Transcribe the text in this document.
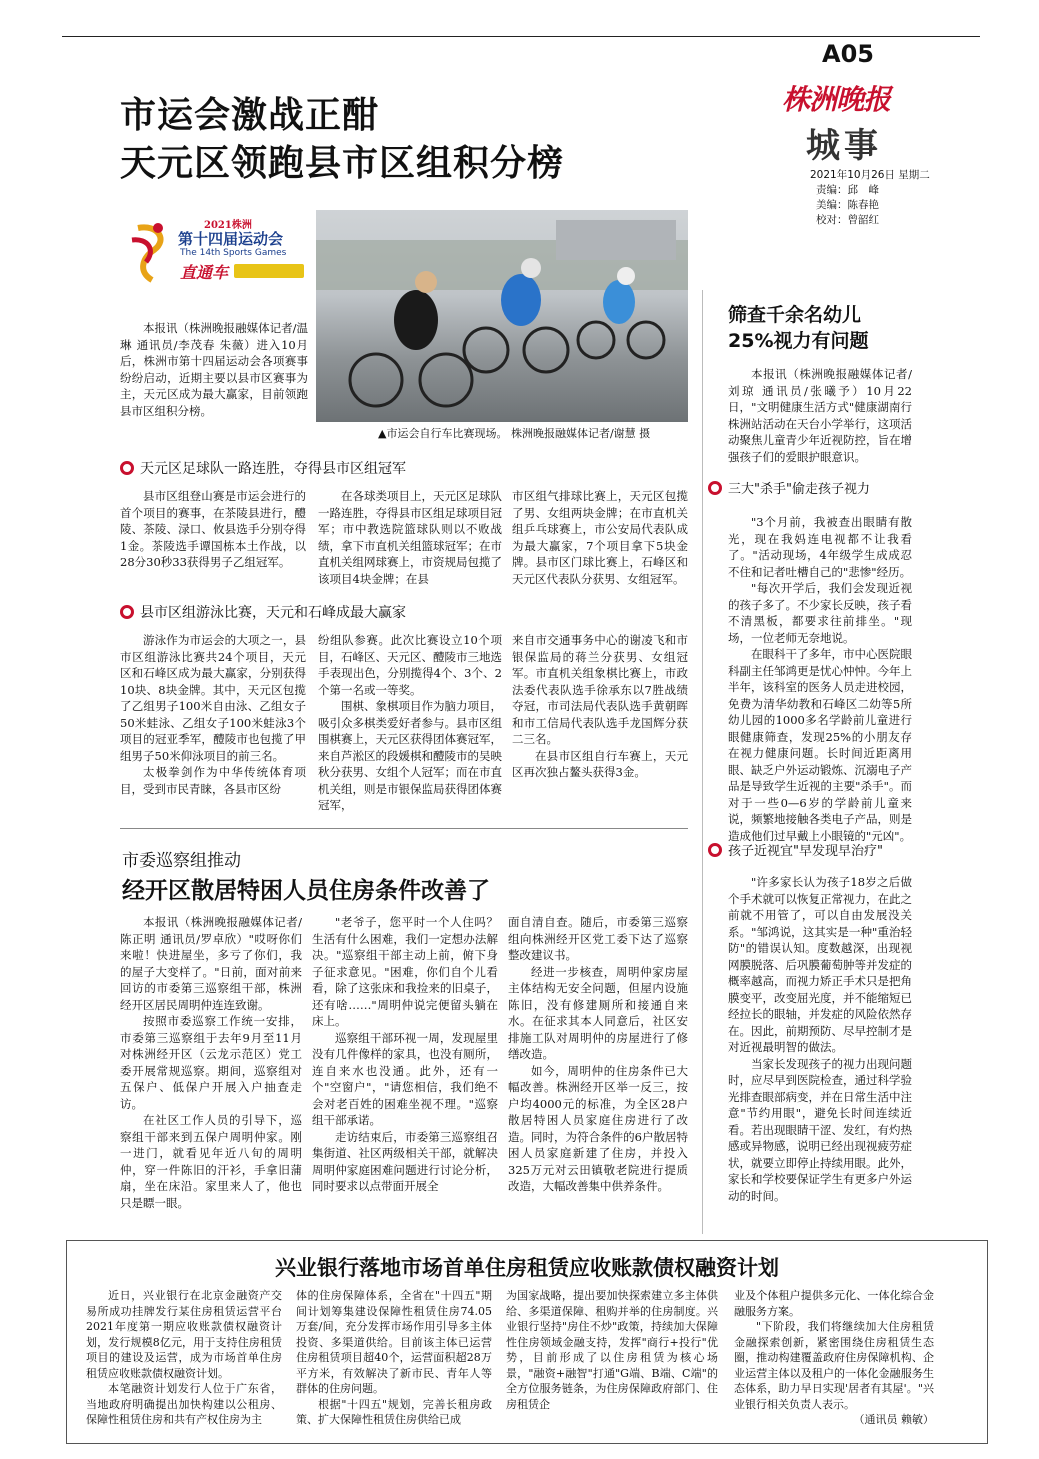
A05
株洲晚报
城事
2021年10月26日 星期二
责编：邱　峰
美编：陈春艳
校对：曾韶红
市运会激战正酣
天元区领跑县市区组积分榜
2021株洲
第十四届运动会
The 14th Sports Games
直通车
▲市运会自行车比赛现场。 株洲晚报融媒体记者/谢慧 摄

本报讯（株洲晚报融媒体记者/温琳 通讯员/李茂春 朱薇）进入10月后，株洲市第十四届运动会各项赛事纷纷启动，近期主要以县市区赛事为主，天元区成为最大赢家，目前领跑县市区组积分榜。

天元区足球队一路连胜，夺得县市区组冠军

县市区组登山赛是市运会进行的首个项目的赛事，在茶陵县进行，醴陵、茶陵、渌口、攸县选手分别夺得1金。茶陵选手谭国栋本土作战，以28分30秒33获得男子乙组冠军。

在各球类项目上，天元区足球队一路连胜，夺得县市区组足球项目冠军；市中教选院篮球队则以不败战绩，拿下市直机关组篮球冠军；在市直机关组网球赛上，市资规局包揽了该项目4块金牌；在县

市区组气排球比赛上，天元区包揽了男、女组两块金牌；在市直机关组乒乓球赛上，市公安局代表队成为最大赢家，7个项目拿下5块金牌。县市区门球比赛上，石峰区和天元区代表队分获男、女组冠军。

县市区组游泳比赛，天元和石峰成最大赢家

游泳作为市运会的大项之一，县市区组游泳比赛共24个项目，天元区和石峰区成为最大赢家，分别获得10块、8块金牌。其中，天元区包揽了乙组男子100米自由泳、乙组女子50米蛙泳、乙组女子100米蛙泳3个项目的冠亚季军，醴陵市也包揽了甲组男子50米仰泳项目的前三名。

太极拳剑作为中华传统体育项目，受到市民青睐，各县市区纷

纷组队参赛。此次比赛设立10个项目，石峰区、天元区、醴陵市三地选手表现出色，分别揽得4个、3个、2个第一名或一等奖。

围棋、象棋项目作为脑力项目，吸引众多棋类爱好者参与。县市区组围棋赛上，天元区获得团体赛冠军，来自芦淞区的段媛棋和醴陵市的吴映秋分获男、女组个人冠军；而在市直机关组，则是市银保监局获得团体赛冠军，

来自市交通事务中心的谢凌飞和市银保监局的蒋兰分获男、女组冠军。市直机关组象棋比赛上，市政法委代表队选手徐承东以7胜战绩夺冠，市司法局代表队选手黄朝晖和市工信局代表队选手龙国辉分获二三名。

在县市区组自行车赛上，天元区再次独占鳌头获得3金。

筛查千余名幼儿
25%视力有问题

本报讯（株洲晚报融媒体记者/刘琼 通讯员/张曦予）10月22日，"文明健康生活方式"健康湖南行株洲站活动在天台小学举行，这项活动聚焦儿童青少年近视防控，旨在增强孩子们的爱眼护眼意识。

三大"杀手"偷走孩子视力

"3个月前，我被查出眼睛有散光，现在我妈连电视都不让我看了。"活动现场，4年级学生成成忍不住和记者吐槽自己的"悲惨"经历。

"每次开学后，我们会发现近视的孩子多了。不少家长反映，孩子看不清黑板，都要求往前排坐。"现场，一位老师无奈地说。

在眼科干了多年，市中心医院眼科副主任邹鸿更是忧心忡忡。今年上半年，该科室的医务人员走进校园，免费为清华幼教和石峰区二幼等5所幼儿园的1000多名学龄前儿童进行眼健康筛查，发现25%的小朋友存在视力健康问题。长时间近距离用眼、缺乏户外运动锻炼、沉溺电子产品是导致学生近视的主要"杀手"。而对于一些0—6岁的学龄前儿童来说，频繁地接触各类电子产品，则是造成他们过早戴上小眼镜的"元凶"。

孩子近视宜"早发现早治疗"

"许多家长认为孩子18岁之后做个手术就可以恢复正常视力，在此之前就不用管了，可以自由发展没关系。"邹鸿说，这其实是一种"重治轻防"的错误认知。度数越深，出现视网膜脱落、后巩膜葡萄肿等并发症的概率越高，而视力矫正手术只是把角膜变平，改变屈光度，并不能缩短已经拉长的眼轴，并发症的风险依然存在。因此，前期预防、尽早控制才是对近视最明智的做法。

当家长发现孩子的视力出现问题时，应尽早到医院检查，通过科学验光排查眼部病变，并在日常生活中注意"节约用眼"，避免长时间连续近看。若出现眼睛干涩、发红，有灼热感或异物感，说明已经出现视疲劳症状，就要立即停止持续用眼。此外，家长和学校要保证学生有更多户外运动的时间。

市委巡察组推动
经开区散居特困人员住房条件改善了

本报讯（株洲晚报融媒体记者/陈正明 通讯员/罗卓欣）"哎呀你们来啦！快进屋坐，多亏了你们，我的屋子大变样了。"日前，面对前来回访的市委第三巡察组干部，株洲经开区居民周明仲连连致谢。

按照市委巡察工作统一安排，市委第三巡察组于去年9月至11月对株洲经开区（云龙示范区）党工委开展常规巡察。期间，巡察组对五保户、低保户开展入户抽查走访。

在社区工作人员的引导下，巡察组干部来到五保户周明仲家。刚一进门，就看见年近八旬的周明仲，穿一件陈旧的汗衫，手拿旧蒲扇，坐在床沿。家里来人了，他也只是瞟一眼。

"老爷子，您平时一个人住吗？生活有什么困难，我们一定想办法解决。"巡察组干部主动上前，俯下身子征求意见。"困难，你们自个儿看看，除了这张床和我捡来的旧桌子，还有啥……"周明仲说完便留头躺在床上。

巡察组干部环视一周，发现屋里没有几件像样的家具，也没有厕所，连自来水也没通。此外，还有一个"空窗户"，"请您相信，我们绝不会对老百姓的困难坐视不理。"巡察组干部承诺。

走访结束后，市委第三巡察组召集街道、社区两级相关干部，就解决周明仲家庭困难问题进行讨论分析，同时要求以点带面开展全

面自清自查。随后，市委第三巡察组向株洲经开区党工委下达了巡察整改建议书。

经进一步核查，周明仲家房屋主体结构无安全问题，但屋内设施陈旧，没有修建厕所和接通自来水。在征求其本人同意后，社区安排施工队对周明仲的房屋进行了修缮改造。

如今，周明仲的住房条件已大幅改善。株洲经开区举一反三，按户均4000元的标准，为全区28户散居特困人员家庭住房进行了改造。同时，为符合条件的6户散居特困人员家庭新建了住房，并投入325万元对云田镇敬老院进行提质改造，大幅改善集中供养条件。

兴业银行落地市场首单住房租赁应收账款债权融资计划

近日，兴业银行在北京金融资产交易所成功挂牌发行某住房租赁运营平台2021年度第一期应收账款债权融资计划，发行规模8亿元，用于支持住房租赁项目的建设及运营，成为市场首单住房租赁应收账款债权融资计划。

本笔融资计划发行人位于广东省，当地政府明确提出加快构建以公租房、保障性租赁住房和共有产权住房为主

体的住房保障体系，全省在"十四五"期间计划筹集建设保障性租赁住房74.05万套/间，充分发挥市场作用引导多主体投资、多渠道供给。目前该主体已运营住房租赁项目超40个，运营面积超28万平方米，有效解决了新市民、青年人等群体的住房问题。

根据"十四五"规划，完善长租房政策、扩大保障性租赁住房供给已成

为国家战略，提出要加快探索建立多主体供给、多渠道保障、租购并举的住房制度。兴业银行坚持"房住不炒"政策，持续加大保障性住房领域金融支持，发挥"商行+投行"优势，目前形成了以住房租赁为核心场景，"融资+融智"打通"G端、B端、C端"的全方位服务链条，为住房保障政府部门、住房租赁企

业及个体租户提供多元化、一体化综合金融服务方案。

"下阶段，我们将继续加大住房租赁金融探索创新，紧密围绕住房租赁生态圈，推动构建覆盖政府住房保障机构、企业运营主体以及租户的一体化金融服务生态体系，助力早日实现'居者有其屋'。"兴业银行相关负责人表示。

（通讯员 赖敏）
